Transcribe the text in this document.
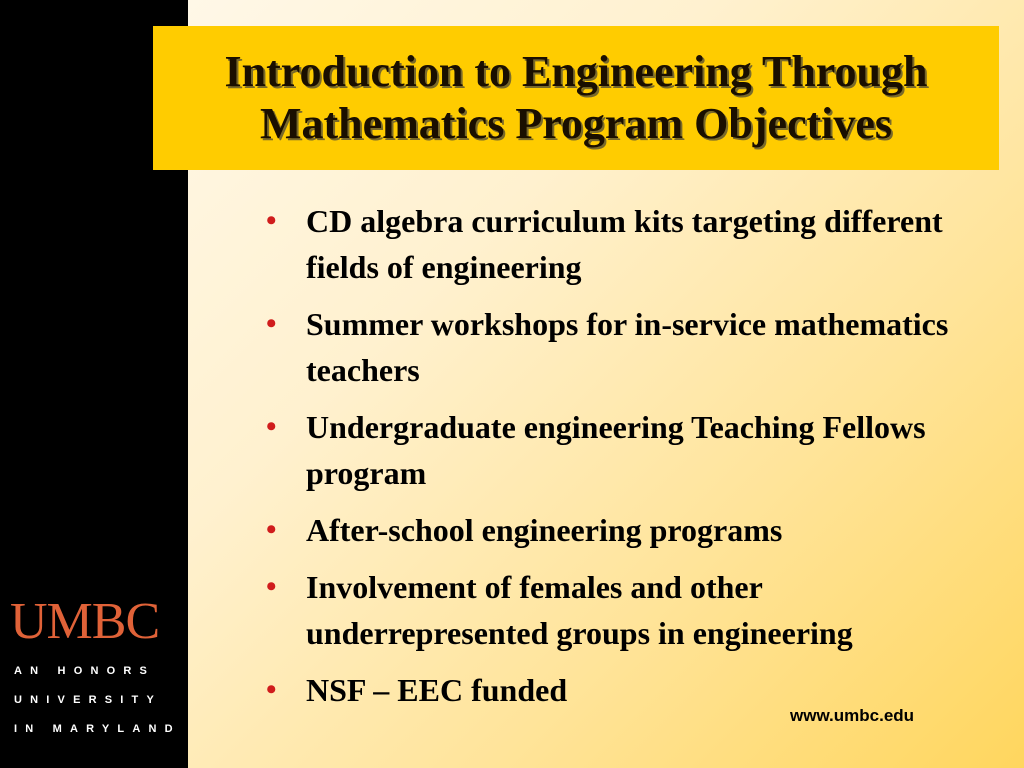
UMBC
AN HONORS
UNIVERSITY
IN MARYLAND
Introduction to Engineering Through Mathematics Program Objectives
• CD algebra curriculum kits targeting different fields of engineering
• Summer workshops for in-service mathematics teachers
• Undergraduate engineering Teaching Fellows program
• After-school engineering programs
• Involvement of females and other underrepresented groups in engineering
• NSF – EEC funded
www.umbc.edu
